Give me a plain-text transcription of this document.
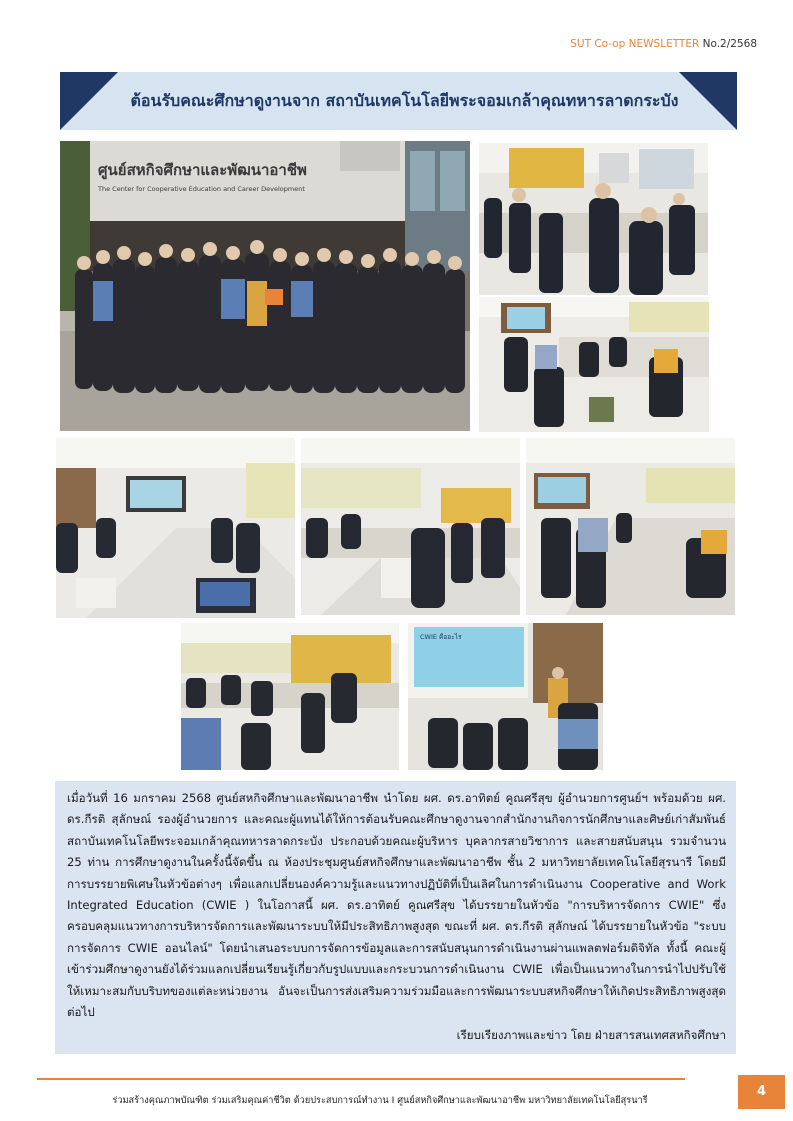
SUT Co-op NEWSLETTER No.2/2568
ต้อนรับคณะศึกษาดูงานจาก สถาบันเทคโนโลยีพระจอมเกล้าคุณทหารลาดกระบัง
ศูนย์สหกิจศึกษาและพัฒนาอาชีพ
The Center for Cooperative Education and Career Development
CWIE คืออะไร

เมื่อวันที่ 16 มกราคม 2568 ศูนย์สหกิจศึกษาและพัฒนาอาชีพ นำโดย ผศ. ดร.อาทิตย์ คูณศรีสุข ผู้อำนวยการศูนย์ฯ พร้อมด้วย ผศ. ดร.กีรติ สุลักษณ์ รองผู้อำนวยการ และคณะผู้แทนได้ให้การต้อนรับคณะศึกษาดูงานจากสำนักงานกิจการนักศึกษาและศิษย์เก่าสัมพันธ์ สถาบันเทคโนโลยีพระจอมเกล้าคุณทหารลาดกระบัง ประกอบด้วยคณะผู้บริหาร บุคลากรสายวิชาการ และสายสนับสนุน รวมจำนวน 25 ท่าน การศึกษาดูงานในครั้งนี้จัดขึ้น ณ ห้องประชุมศูนย์สหกิจศึกษาและพัฒนาอาชีพ ชั้น 2 มหาวิทยาลัยเทคโนโลยีสุรนารี โดยมีการบรรยายพิเศษในหัวข้อต่างๆ เพื่อแลกเปลี่ยนองค์ความรู้และแนวทางปฏิบัติที่เป็นเลิศในการดำเนินงาน Cooperative and Work Integrated Education (CWIE ) ในโอกาสนี้ ผศ. ดร.อาทิตย์ คูณศรีสุข ได้บรรยายในหัวข้อ "การบริหารจัดการ CWIE" ซึ่งครอบคลุมแนวทางการบริหารจัดการและพัฒนาระบบให้มีประสิทธิภาพสูงสุด ขณะที่ ผศ. ดร.กีรติ สุลักษณ์ ได้บรรยายในหัวข้อ "ระบบการจัดการ CWIE ออนไลน์" โดยนำเสนอระบบการจัดการข้อมูลและการสนับสนุนการดำเนินงานผ่านแพลตฟอร์มดิจิทัล ทั้งนี้ คณะผู้เข้าร่วมศึกษาดูงานยังได้ร่วมแลกเปลี่ยนเรียนรู้เกี่ยวกับรูปแบบและกระบวนการดำเนินงาน CWIE เพื่อเป็นแนวทางในการนำไปปรับใช้ให้เหมาะสมกับบริบทของแต่ละหน่วยงาน อันจะเป็นการส่งเสริมความร่วมมือและการพัฒนาระบบสหกิจศึกษาให้เกิดประสิทธิภาพสูงสุดต่อไป

เรียบเรียงภาพและข่าว โดย ฝ่ายสารสนเทศสหกิจศึกษา
ร่วมสร้างคุณภาพบัณฑิต ร่วมเสริมคุณค่าชีวิต ด้วยประสบการณ์ทำงาน I ศูนย์สหกิจศึกษาและพัฒนาอาชีพ มหาวิทยาลัยเทคโนโลยีสุรนารี
4
